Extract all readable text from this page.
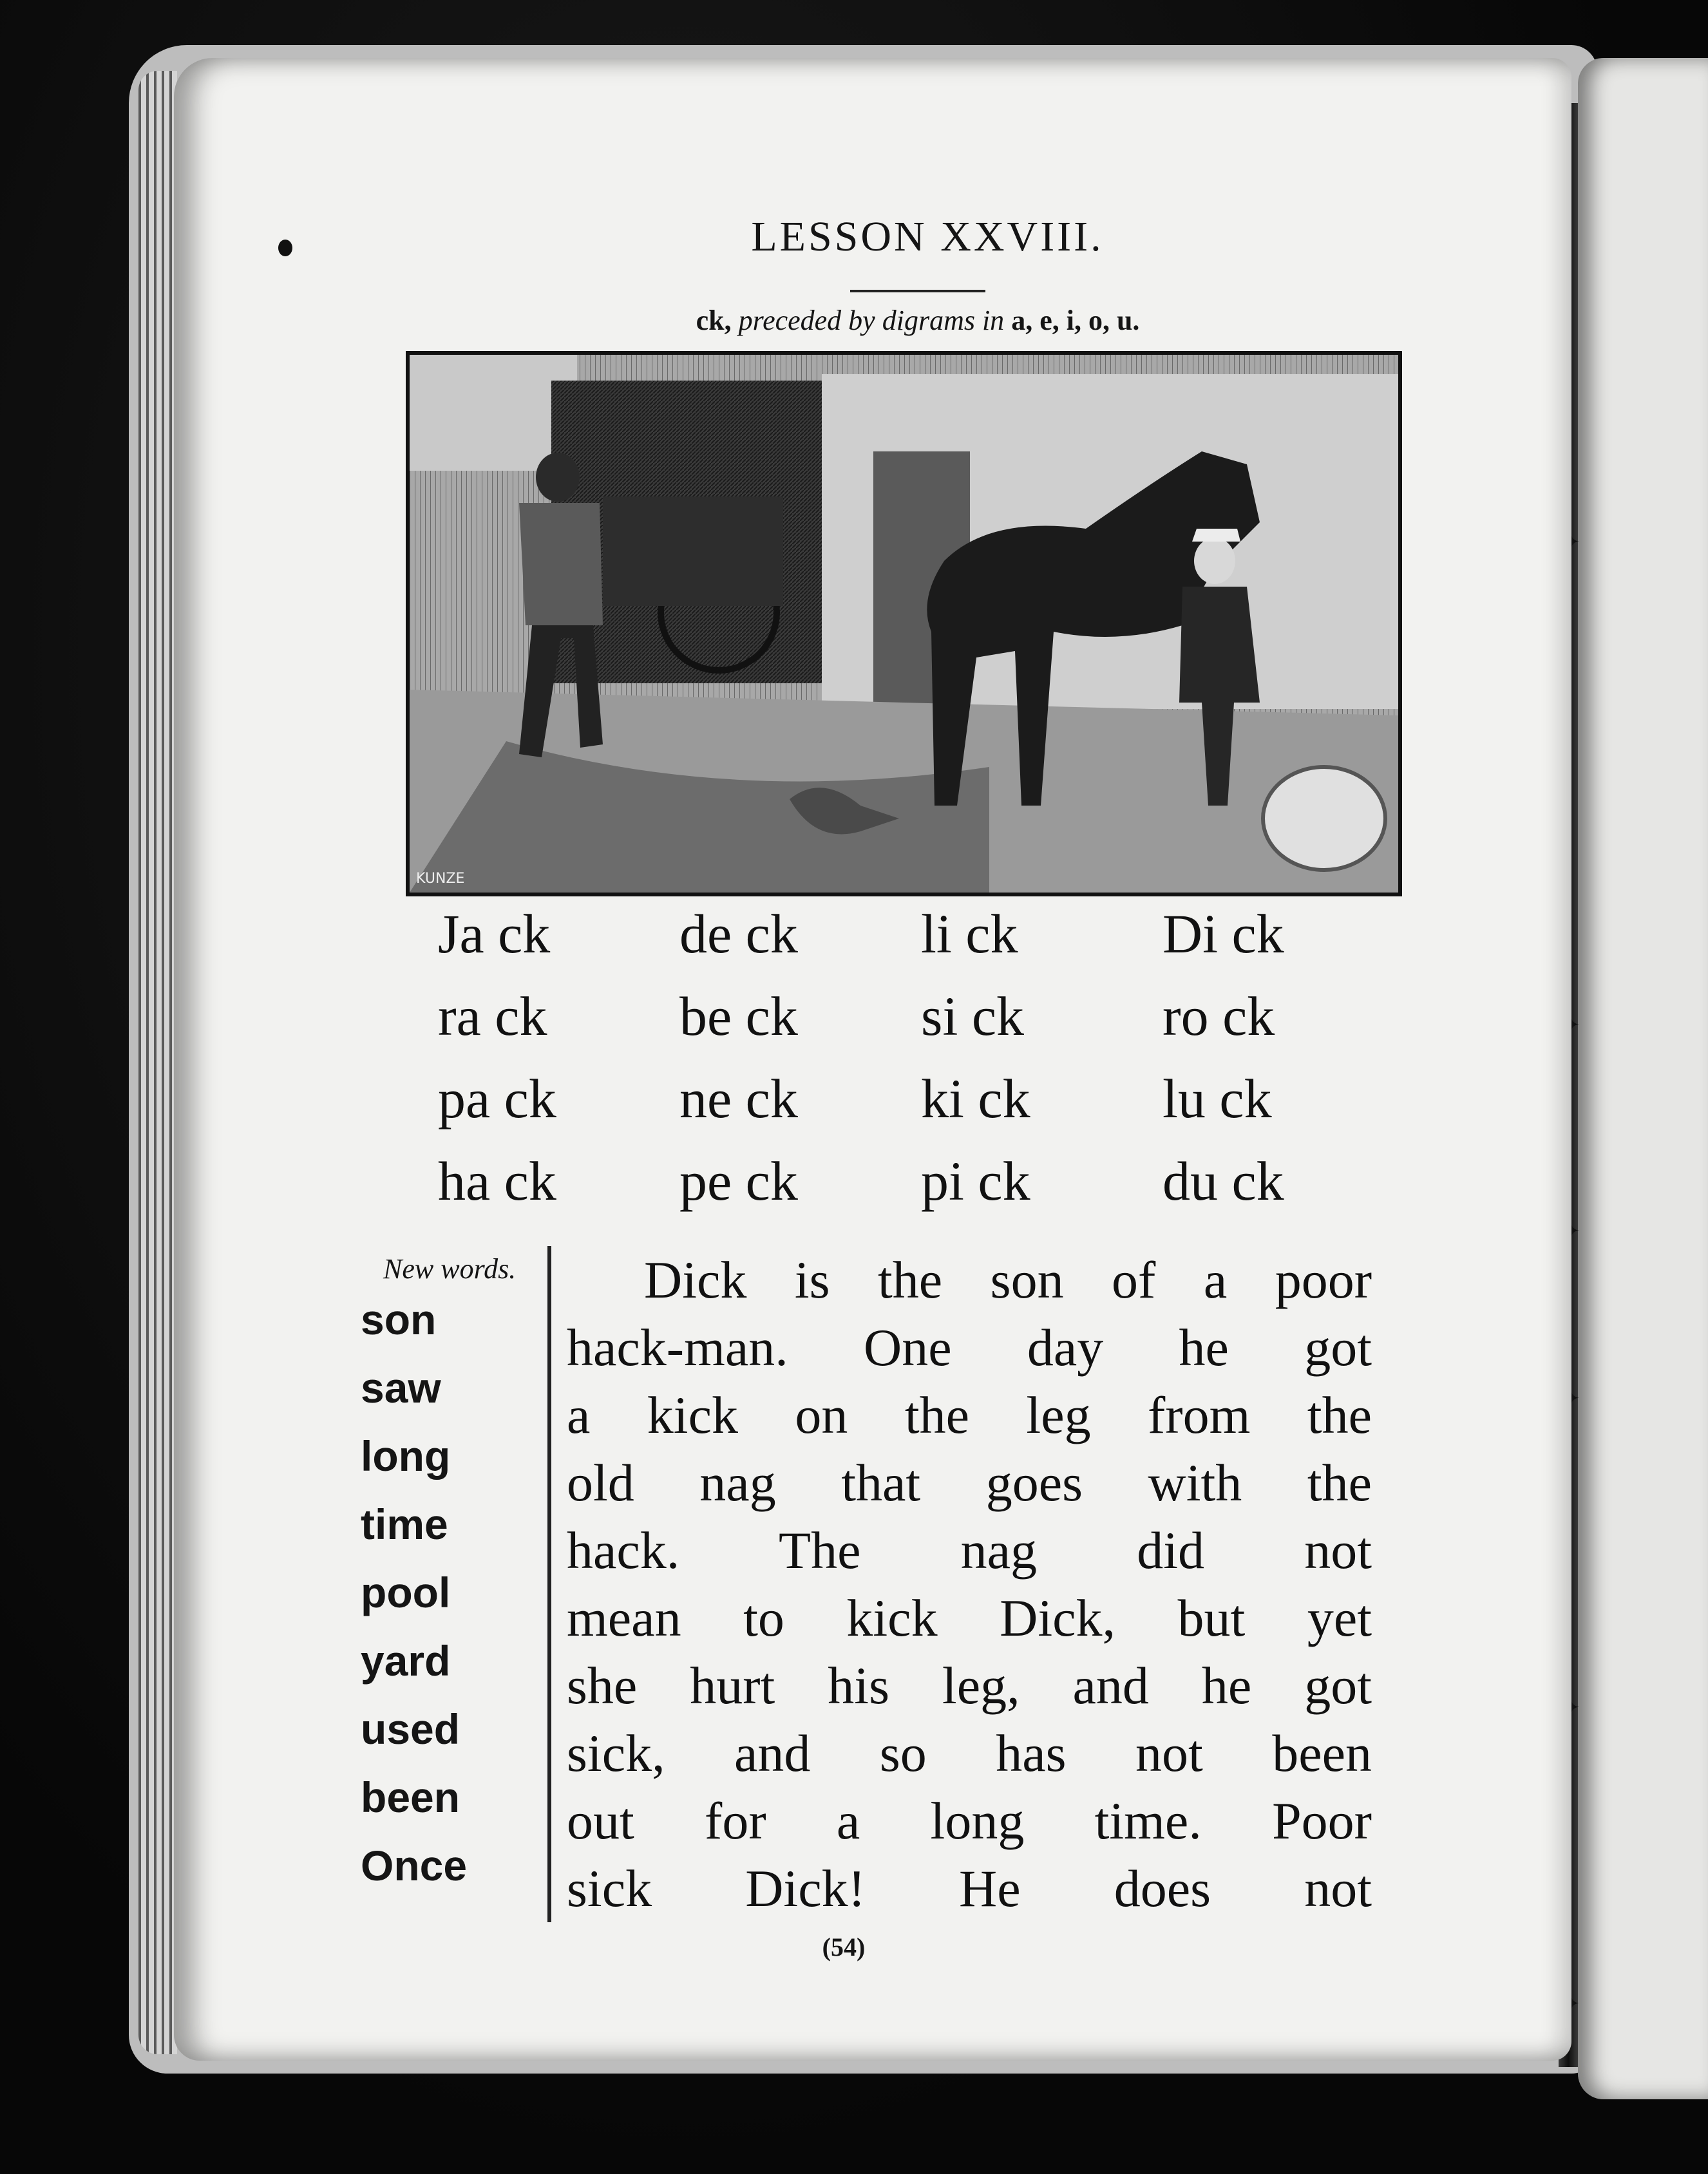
LESSON XXVIII.
ck, preceded by digrams in a, e, i, o, u.
KUNZE
Ja ck
ra ck
pa ck
ha ck
de ck
be ck
ne ck
pe ck
li ck
si ck
ki ck
pi ck
Di ck
ro ck
lu ck
du ck
New words.
son
saw
long
time
pool
yard
used
been
Once
Dick is the son of a poor
hack-man. One day he got
a kick on the leg from the
old nag that goes with the
hack. The nag did not
mean to kick Dick, but yet
she hurt his leg, and he got
sick, and so has not been
out for a long time. Poor
sick Dick! He does not
(54)
